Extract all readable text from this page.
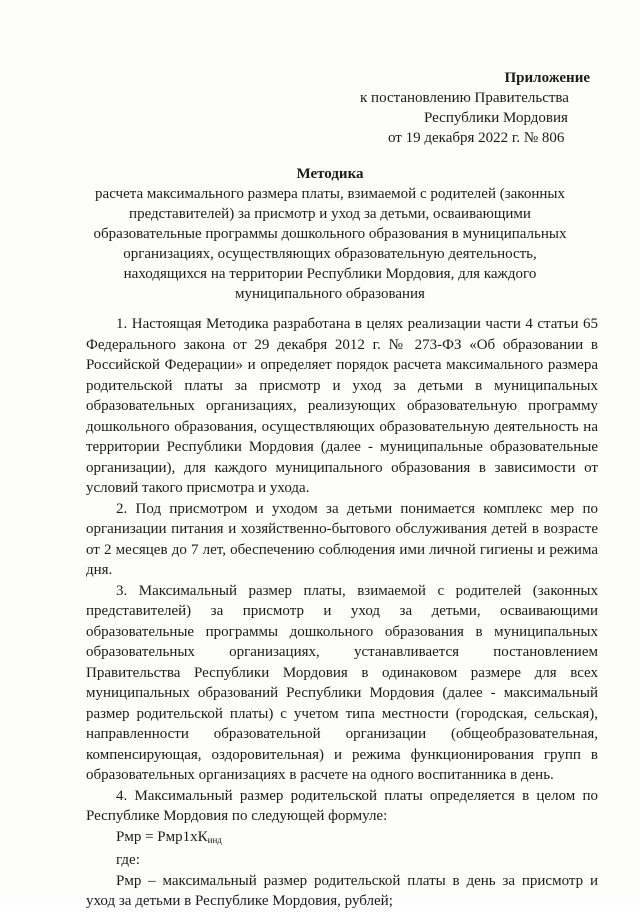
Приложение
к постановлению Правительства
Республики Мордовия
от 19 декабря 2022 г. № 806
Методика
расчета максимального размера платы, взимаемой с родителей (законных представителей) за присмотр и уход за детьми, осваивающими образовательные программы дошкольного образования в муниципальных организациях, осуществляющих образовательную деятельность, находящихся на территории Республики Мордовия, для каждого муниципального образования

1. Настоящая Методика разработана в целях реализации части 4 статьи 65 Федерального закона от 29 декабря 2012 г. № 273-ФЗ «Об образовании в Российской Федерации» и определяет порядок расчета максимального размера родительской платы за присмотр и уход за детьми в муниципальных образовательных организациях, реализующих образовательную программу дошкольного образования, осуществляющих образовательную деятельность на территории Республики Мордовия (далее - муниципальные образовательные организации), для каждого муниципального образования в зависимости от условий такого присмотра и ухода.

2. Под присмотром и уходом за детьми понимается комплекс мер по организации питания и хозяйственно-бытового обслуживания детей в возрасте от 2 месяцев до 7 лет, обеспечению соблюдения ими личной гигиены и режима дня.

3. Максимальный размер платы, взимаемой с родителей (законных представителей) за присмотр и уход за детьми, осваивающими образовательные программы дошкольного образования в муниципальных образовательных организациях, устанавливается постановлением Правительства Республики Мордовия в одинаковом размере для всех муниципальных образований Республики Мордовия (далее - максимальный размер родительской платы) с учетом типа местности (городская, сельская), направленности образовательной организации (общеобразовательная, компенсирующая, оздоровительная) и режима функционирования групп в образовательных организациях в расчете на одного воспитанника в день.

4. Максимальный размер родительской платы определяется в целом по Республике Мордовия по следующей формуле:

Рмр = $Рмр1хК_{инд}$

где:

Рмр – максимальный размер родительской платы в день за присмотр и уход за детьми в Республике Мордовия, рублей;
